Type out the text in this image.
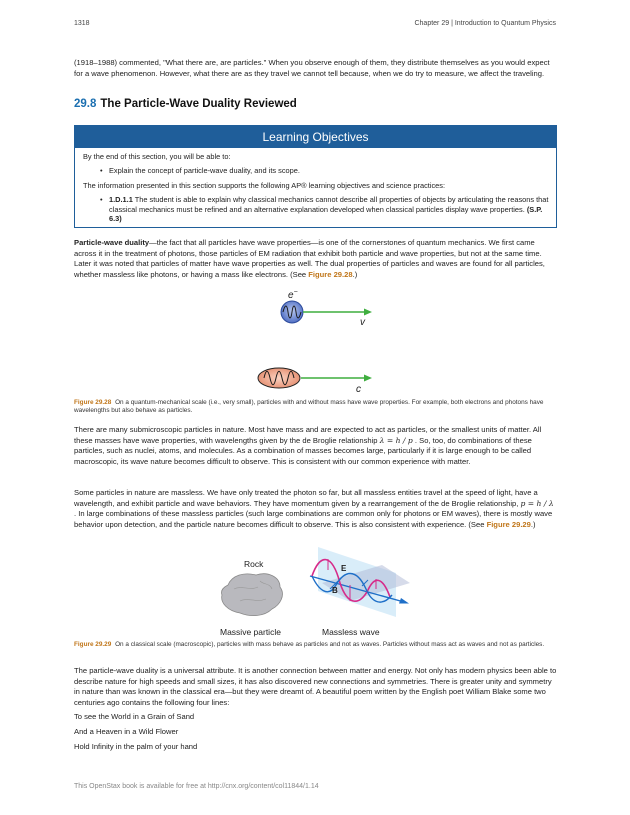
1318	Chapter 29 | Introduction to Quantum Physics

(1918–1988) commented, "What there are, are particles." When you observe enough of them, they distribute themselves as you would expect for a wave phenomenon. However, what there are as they travel we cannot tell because, when we do try to measure, we affect the traveling.

29.8 The Particle-Wave Duality Reviewed
Learning Objectives
By the end of this section, you will be able to:
• Explain the concept of particle-wave duality, and its scope.
The information presented in this section supports the following AP® learning objectives and science practices:
• 1.D.1.1 The student is able to explain why classical mechanics cannot describe all properties of objects by articulating the reasons that classical mechanics must be refined and an alternative explanation developed when classical particles display wave properties. (S.P. 6.3)

Particle-wave duality—the fact that all particles have wave properties—is one of the cornerstones of quantum mechanics. We first came across it in the treatment of photons, those particles of EM radiation that exhibit both particle and wave properties, but not at the same time. Later it was noted that particles of matter have wave properties as well. The dual properties of particles and waves are found for all particles, whether massless like photons, or having a mass like electrons. (See Figure 29.28.)

e−
v
c
Figure 29.28 On a quantum-mechanical scale (i.e., very small), particles with and without mass have wave properties. For example, both electrons and photons have wavelengths but also behave as particles.

There are many submicroscopic particles in nature. Most have mass and are expected to act as particles, or the smallest units of matter. All these masses have wave properties, with wavelengths given by the de Broglie relationship λ = h / p . So, too, do combinations of these particles, such as nuclei, atoms, and molecules. As a combination of masses becomes large, particularly if it is large enough to be called macroscopic, its wave nature becomes difficult to observe. This is consistent with our common experience with matter.

Some particles in nature are massless. We have only treated the photon so far, but all massless entities travel at the speed of light, have a wavelength, and exhibit particle and wave behaviors. They have momentum given by a rearrangement of the de Broglie relationship, p = h / λ . In large combinations of these massless particles (such large combinations are common only for photons or EM waves), there is mostly wave behavior upon detection, and the particle nature becomes difficult to observe. This is also consistent with experience. (See Figure 29.29.)

Rock
Massive particle
E
B
Massless wave
Figure 29.29 On a classical scale (macroscopic), particles with mass behave as particles and not as waves. Particles without mass act as waves and not as particles.

The particle-wave duality is a universal attribute. It is another connection between matter and energy. Not only has modern physics been able to describe nature for high speeds and small sizes, it has also discovered new connections and symmetries. There is greater unity and symmetry in nature than was known in the classical era—but they were dreamt of. A beautiful poem written by the English poet William Blake some two centuries ago contains the following four lines:

To see the World in a Grain of Sand

And a Heaven in a Wild Flower

Hold Infinity in the palm of your hand

This OpenStax book is available for free at http://cnx.org/content/col11844/1.14
